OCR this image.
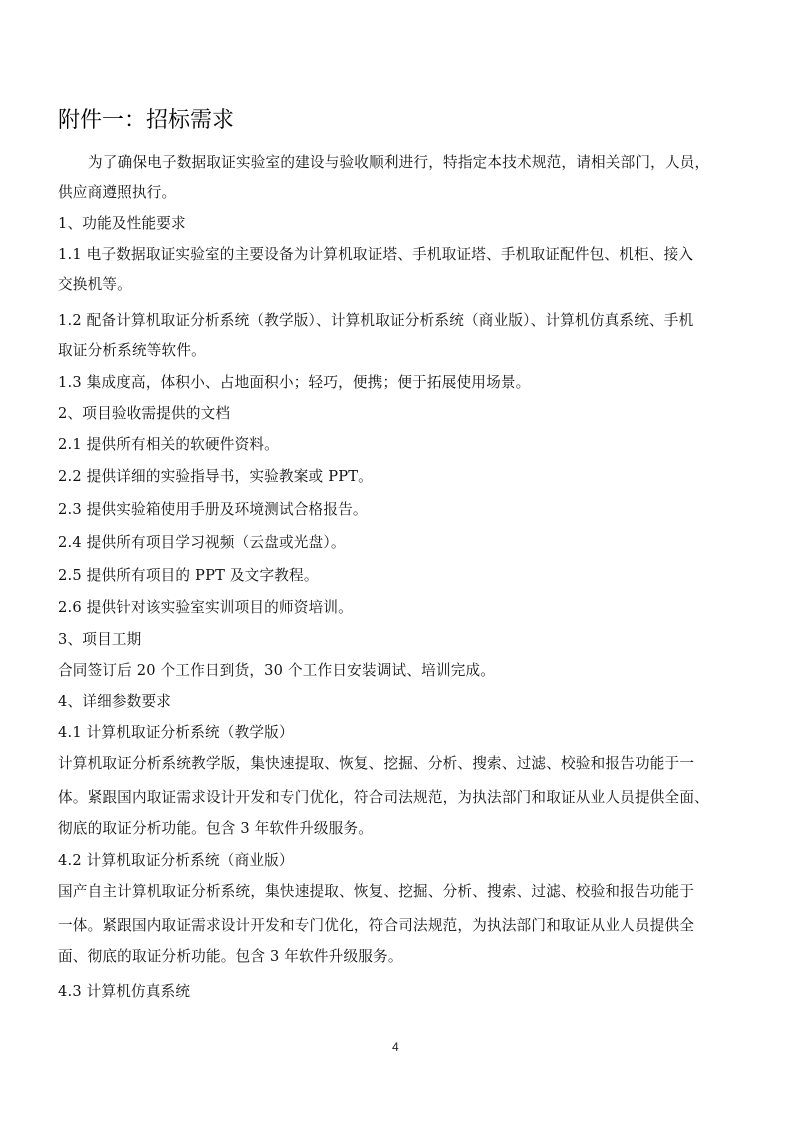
附件一：招标需求
为了确保电子数据取证实验室的建设与验收顺利进行，特指定本技术规范，请相关部门，人员，
供应商遵照执行。
1、功能及性能要求
1.1 电子数据取证实验室的主要设备为计算机取证塔、手机取证塔、手机取证配件包、机柜、接入
交换机等。
1.2 配备计算机取证分析系统（教学版）、计算机取证分析系统（商业版）、计算机仿真系统、手机
取证分析系统等软件。
1.3 集成度高，体积小、占地面积小；轻巧，便携；便于拓展使用场景。
2、项目验收需提供的文档
2.1 提供所有相关的软硬件资料。
2.2 提供详细的实验指导书，实验教案或 PPT。
2.3 提供实验箱使用手册及环境测试合格报告。
2.4 提供所有项目学习视频（云盘或光盘）。
2.5 提供所有项目的 PPT 及文字教程。
2.6 提供针对该实验室实训项目的师资培训。
3、项目工期
合同签订后 20 个工作日到货，30 个工作日安装调试、培训完成。
4、详细参数要求
4.1 计算机取证分析系统（教学版）
计算机取证分析系统教学版，集快速提取、恢复、挖掘、分析、搜索、过滤、校验和报告功能于一
体。紧跟国内取证需求设计开发和专门优化，符合司法规范，为执法部门和取证从业人员提供全面、
彻底的取证分析功能。包含 3 年软件升级服务。
4.2 计算机取证分析系统（商业版）
国产自主计算机取证分析系统，集快速提取、恢复、挖掘、分析、搜索、过滤、校验和报告功能于
一体。紧跟国内取证需求设计开发和专门优化，符合司法规范，为执法部门和取证从业人员提供全
面、彻底的取证分析功能。包含 3 年软件升级服务。
4.3 计算机仿真系统
4
